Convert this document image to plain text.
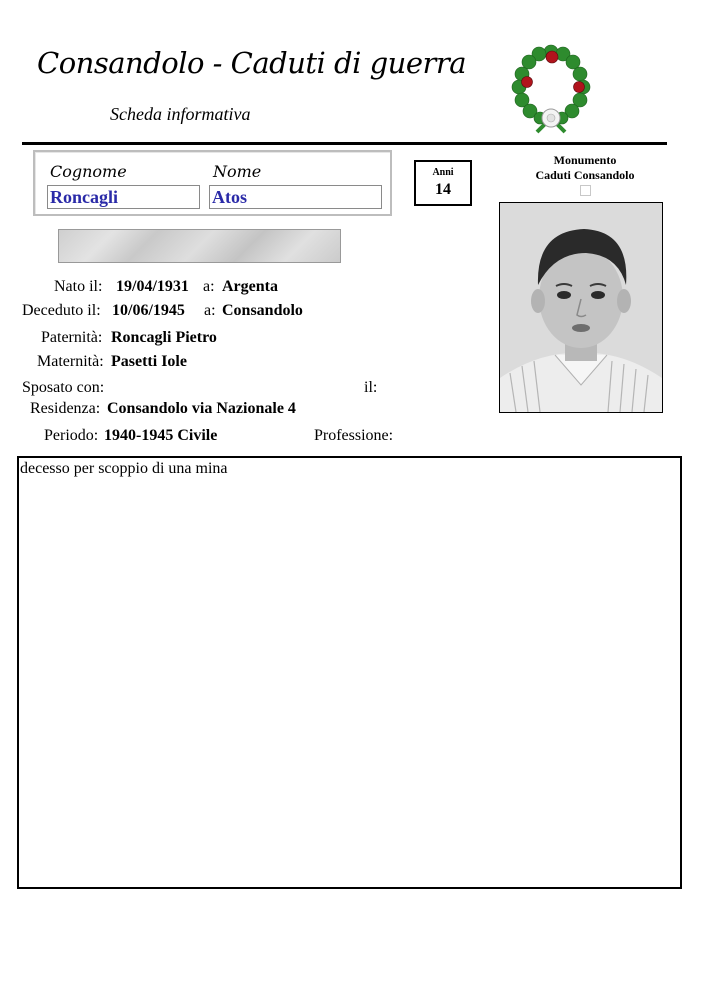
Consandolo - Caduti di guerra
Scheda informativa
Cognome	Nome
Roncagli	Atos
Anni
14
Monumento
Caduti Consandolo
Nato il: 19/04/1931 a: Argenta
Deceduto il: 10/06/1945 a: Consandolo
Paternità: Roncagli Pietro
Maternità: Pasetti Iole
Sposato con:	il:
Residenza: Consandolo via Nazionale 4
Periodo: 1940-1945 Civile	Professione:
decesso per scoppio di una mina
